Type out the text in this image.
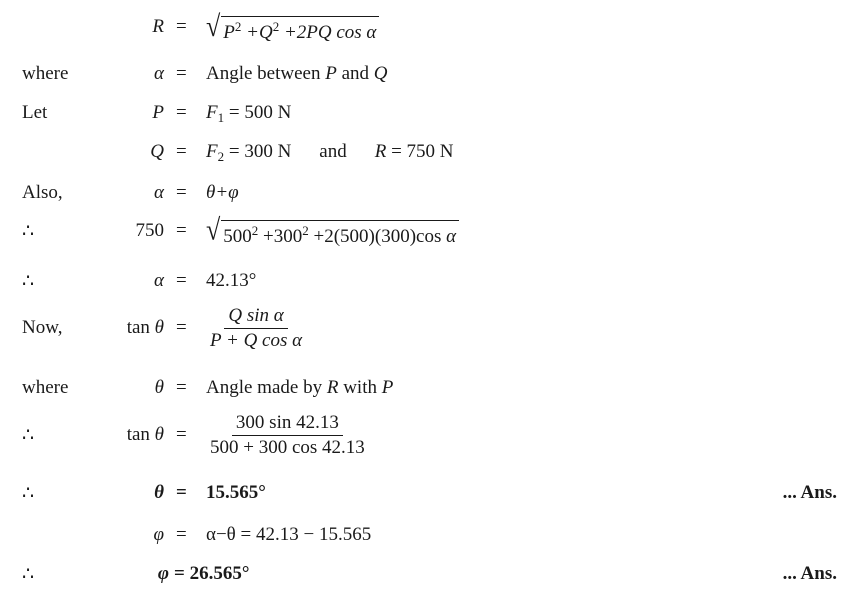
R = √ $P^2 +Q^2 +2PQ$ cos α
where	α = Angle between P and Q
Let	$P = F_1 = 500$ N
$Q = F_2 = 300$ N and R = 750 N
Also,	α = θ+φ
∴	750 = √ $500^2 +300^2 +2(500)(300)\cos$ α
∴	α = 42.13°
Now,	$\tan \theta = \frac{\text{Q sin α}}{\text{P + Q cos α}}$
where	θ = Angle made by R with P
∴	$\tan \theta = \frac{300 \sin 42.13}{500 + 300 \cos 42.13}$
∴	θ = 15.565°	... Ans.
φ = α−θ = 42.13 − 15.565
∴	φ = 26.565°	... Ans.
